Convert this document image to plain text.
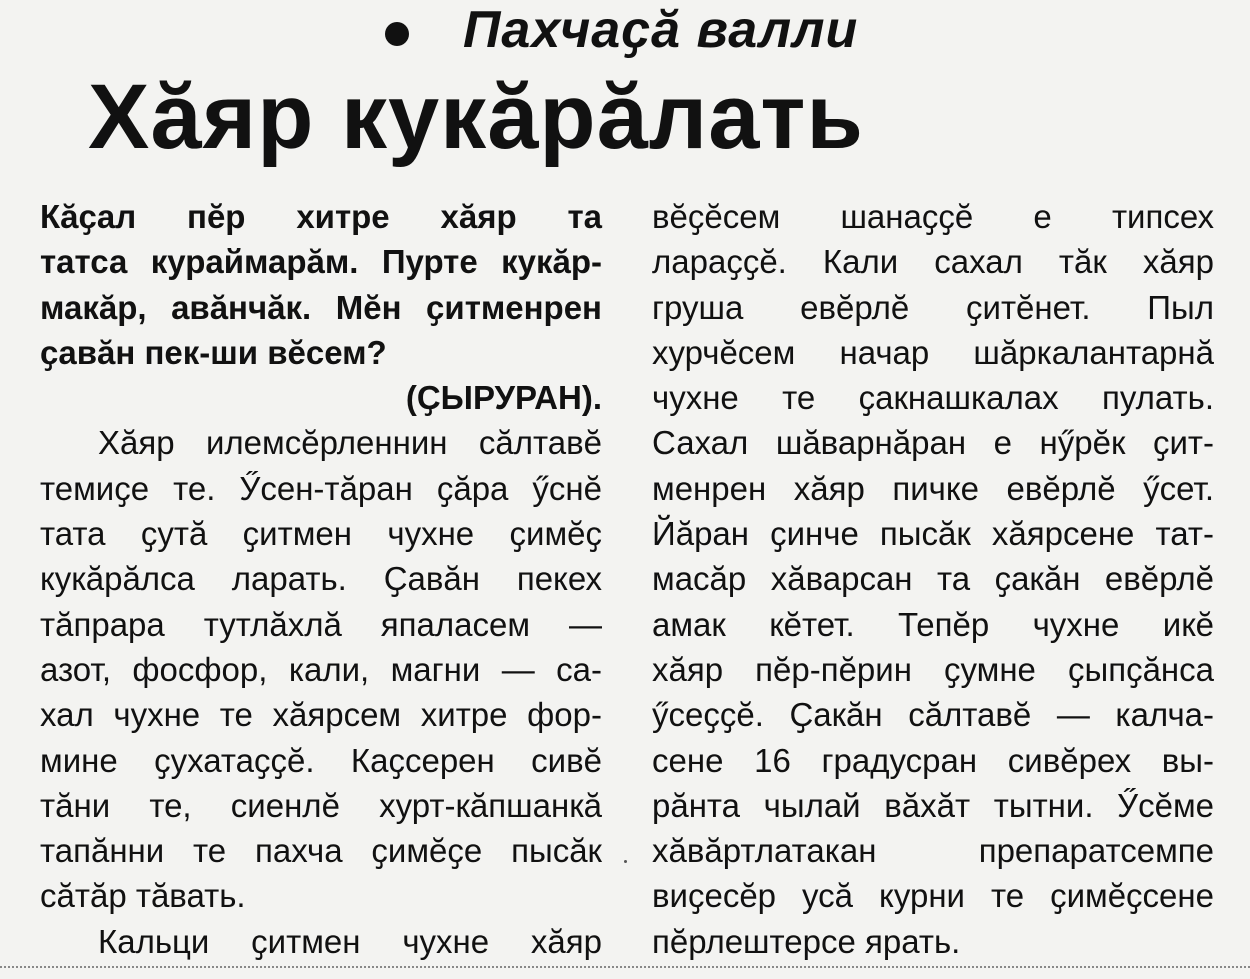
Пахчаҫӑ валли
Хӑяр кукӑрӑлать
Кӑҫал пӗр хитре хӑяр та
татса кураймарӑм. Пурте кукӑр-
макӑр, авӑнчӑк. Мӗн ҫитменрен
ҫавӑн пек-ши вӗсем?
(ҪЫРУРАН).
Хӑяр илемсӗрленнин сӑлтавӗ
темиҫе те. Ӳсен-тӑран ҫӑра ӳснӗ
тата ҫутӑ ҫитмен чухне ҫимӗҫ
кукӑрӑлса ларать. Ҫавӑн пекех
тӑпрара тутлӑхлӑ япаласем —
азот, фосфор, кали, магни — са-
хал чухне те хӑярсем хитре фор-
мине ҫухатаҫҫӗ. Каҫсерен сивӗ
тӑни те, сиенлӗ хурт-кӑпшанкӑ
тапӑнни те пахча ҫимӗҫе пысӑк
сӑтӑр тӑвать.
Кальци ҫитмен чухне хӑяр
вӗҫӗсем шанаҫҫӗ е типсех
лараҫҫӗ. Кали сахал тӑк хӑяр
груша евӗрлӗ ҫитӗнет. Пыл
хурчӗсем начар шӑркалантарнӑ
чухне те ҫакнашкалах пулать.
Сахал шӑварнӑран е нӳрӗк ҫит-
менрен хӑяр пичке евӗрлӗ ӳсет.
Йӑран ҫинче пысӑк хӑярсене тат-
масӑр хӑварсан та ҫакӑн евӗрлӗ
амак кӗтет. Тепӗр чухне икӗ
хӑяр пӗр-пӗрин ҫумне ҫыпҫӑнса
ӳсеҫҫӗ. Ҫакӑн сӑлтавӗ — калча-
сене 16 градусран сивӗрех вы-
рӑнта чылай вӑхӑт тытни. Ӳсӗме
хӑвӑртлатакан препаратсемпе
виҫесӗр усӑ курни те ҫимӗҫсене
пӗрлештерсе ярать.
